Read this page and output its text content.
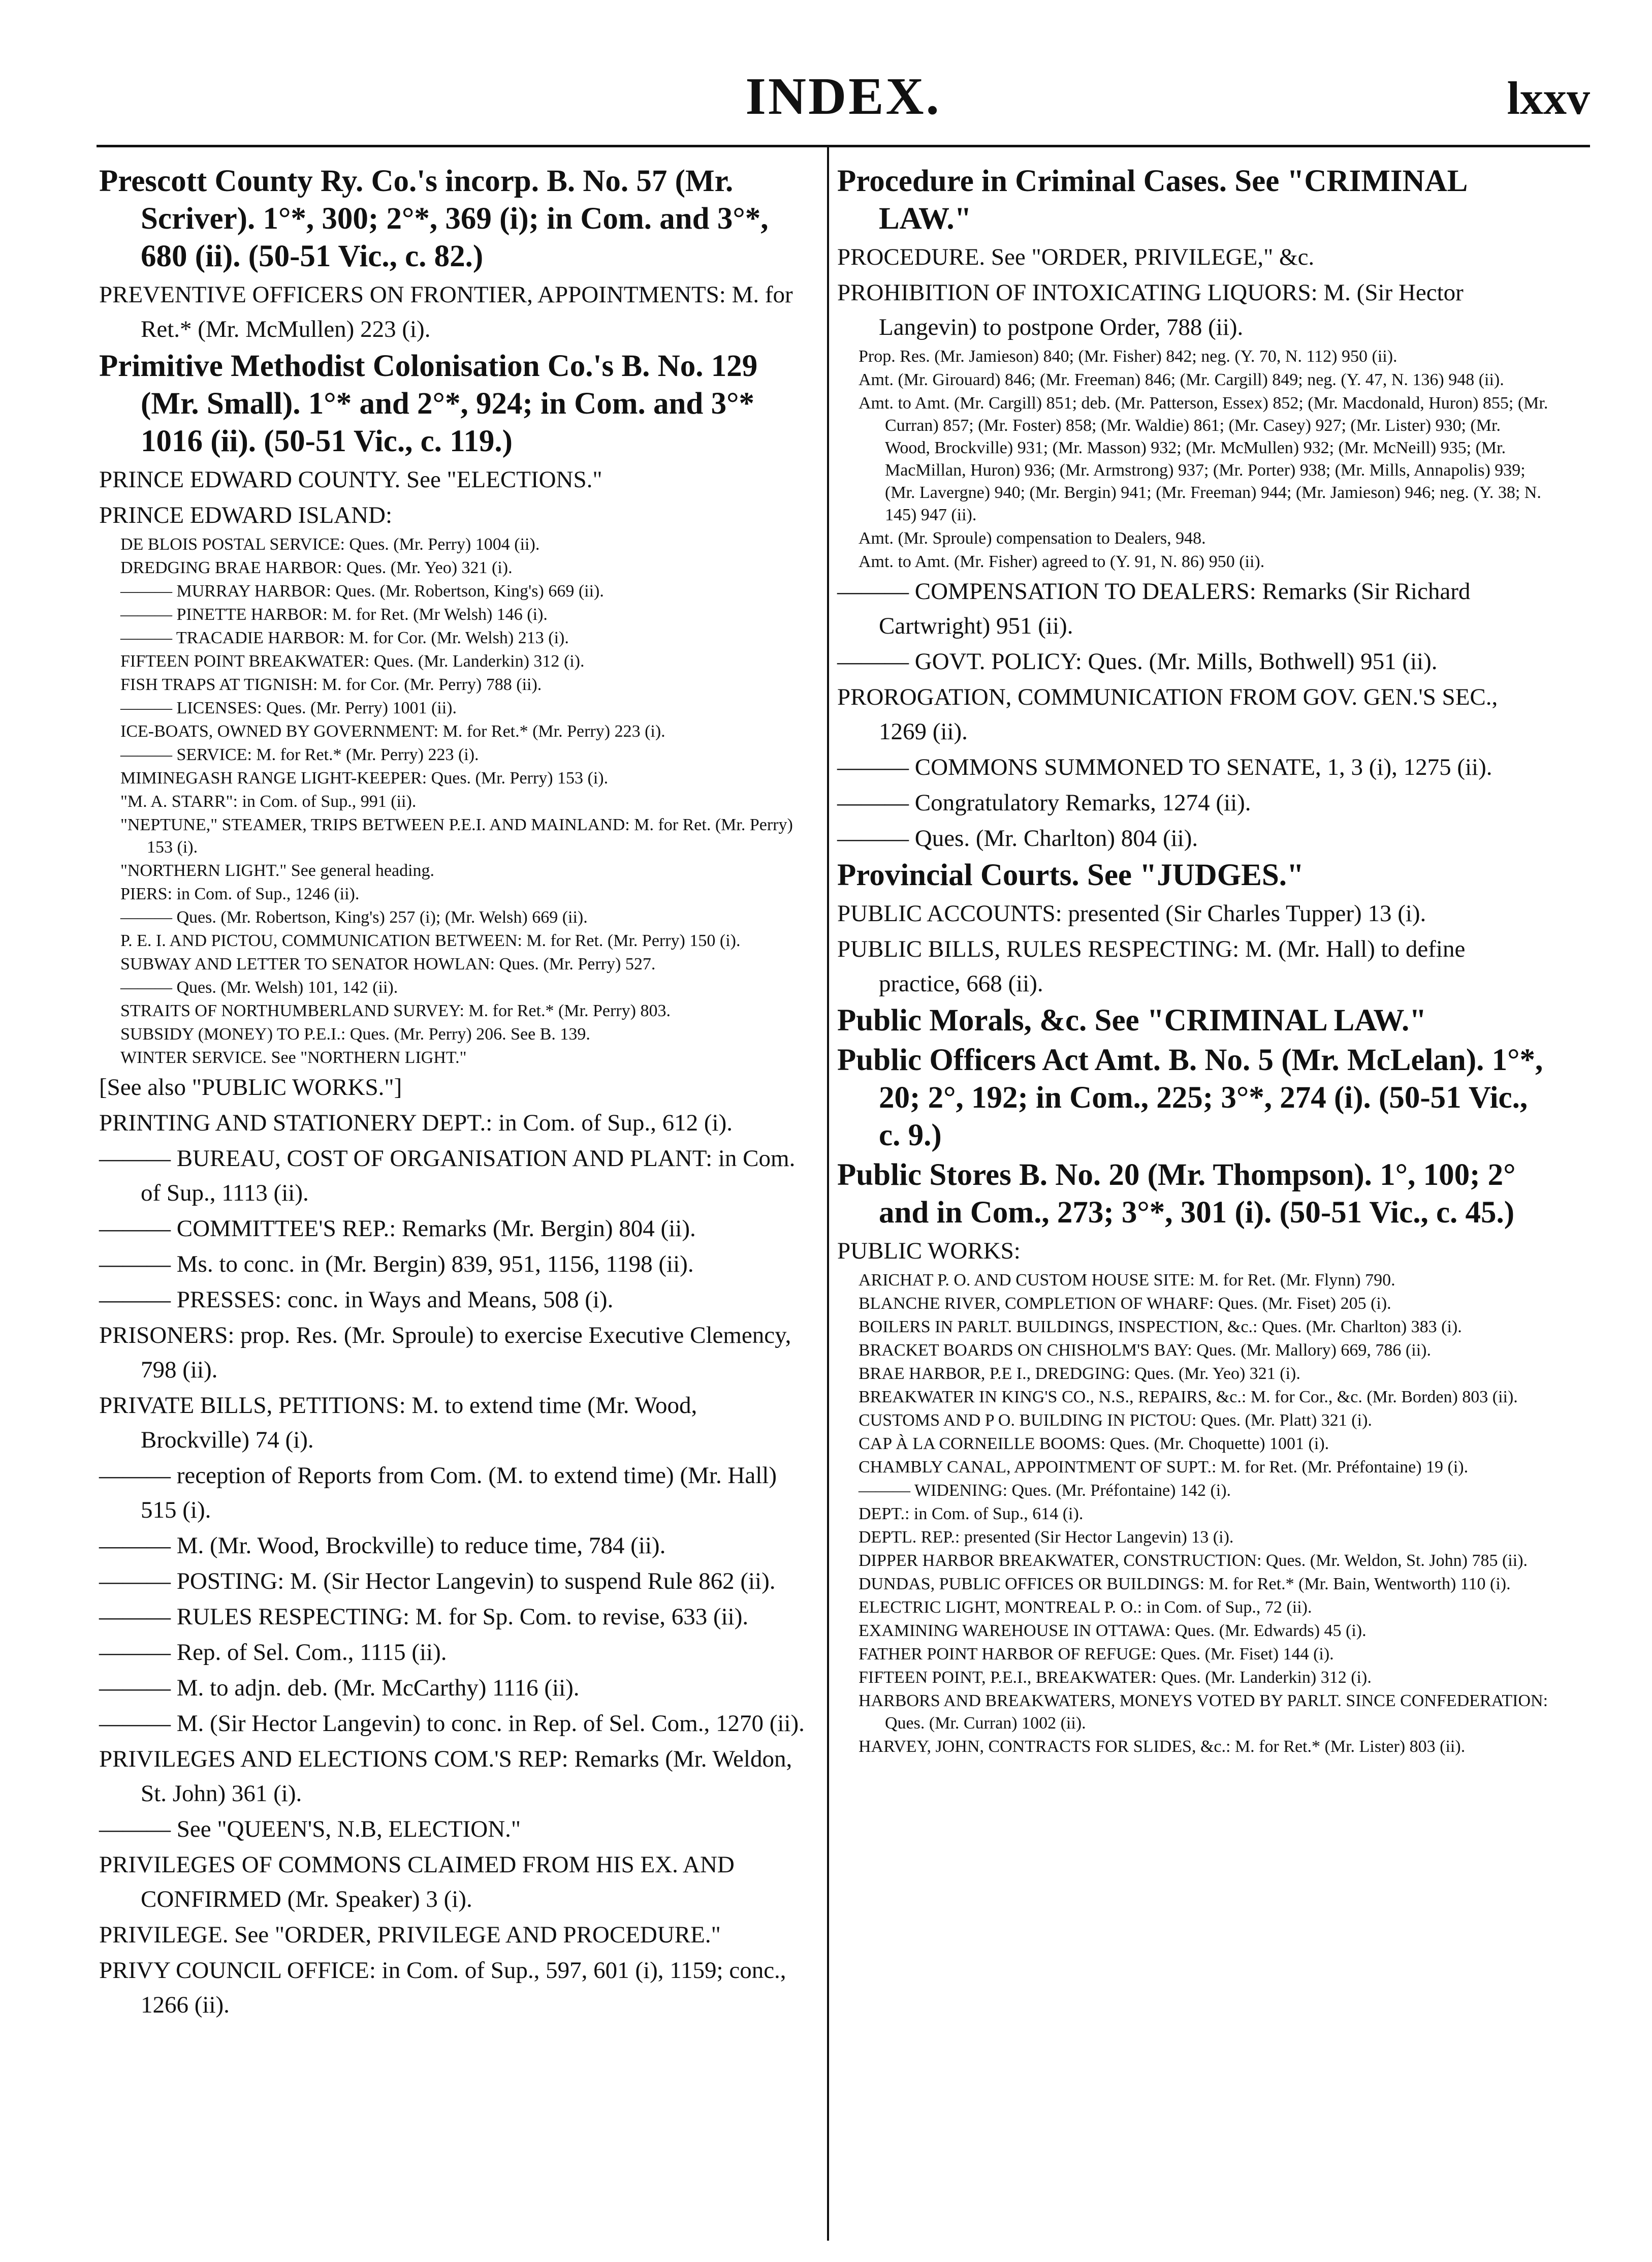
INDEX.	lxxv

Prescott County Ry. Co.'s incorp. B. No. 57 (Mr. Scriver). 1°*, 300; 2°*, 369 (i); in Com. and 3°*, 680 (ii). (50-51 Vic., c. 82.)

PREVENTIVE OFFICERS ON FRONTIER, APPOINTMENTS: M. for Ret.* (Mr. McMullen) 223 (i).

Primitive Methodist Colonisation Co.'s B. No. 129 (Mr. Small). 1°* and 2°*, 924; in Com. and 3°* 1016 (ii). (50-51 Vic., c. 119.)

PRINCE EDWARD COUNTY. See "ELECTIONS."

PRINCE EDWARD ISLAND:

DE BLOIS POSTAL SERVICE: Ques. (Mr. Perry) 1004 (ii).

DREDGING BRAE HARBOR: Ques. (Mr. Yeo) 321 (i).

——— MURRAY HARBOR: Ques. (Mr. Robertson, King's) 669 (ii).

——— PINETTE HARBOR: M. for Ret. (Mr Welsh) 146 (i).

——— TRACADIE HARBOR: M. for Cor. (Mr. Welsh) 213 (i).

FIFTEEN POINT BREAKWATER: Ques. (Mr. Landerkin) 312 (i).

FISH TRAPS AT TIGNISH: M. for Cor. (Mr. Perry) 788 (ii).

——— LICENSES: Ques. (Mr. Perry) 1001 (ii).

ICE-BOATS, OWNED BY GOVERNMENT: M. for Ret.* (Mr. Perry) 223 (i).

——— SERVICE: M. for Ret.* (Mr. Perry) 223 (i).

MIMINEGASH RANGE LIGHT-KEEPER: Ques. (Mr. Perry) 153 (i).

"M. A. STARR": in Com. of Sup., 991 (ii).

"NEPTUNE," STEAMER, TRIPS BETWEEN P.E.I. AND MAINLAND: M. for Ret. (Mr. Perry) 153 (i).

"NORTHERN LIGHT." See general heading.

PIERS: in Com. of Sup., 1246 (ii).

——— Ques. (Mr. Robertson, King's) 257 (i); (Mr. Welsh) 669 (ii).

P. E. I. AND PICTOU, COMMUNICATION BETWEEN: M. for Ret. (Mr. Perry) 150 (i).

SUBWAY AND LETTER TO SENATOR HOWLAN: Ques. (Mr. Perry) 527.

——— Ques. (Mr. Welsh) 101, 142 (ii).

STRAITS OF NORTHUMBERLAND SURVEY: M. for Ret.* (Mr. Perry) 803.

SUBSIDY (MONEY) TO P.E.I.: Ques. (Mr. Perry) 206. See B. 139.

WINTER SERVICE. See "NORTHERN LIGHT."

[See also "PUBLIC WORKS."]

PRINTING AND STATIONERY DEPT.: in Com. of Sup., 612 (i).

——— BUREAU, COST OF ORGANISATION AND PLANT: in Com. of Sup., 1113 (ii).

——— COMMITTEE'S REP.: Remarks (Mr. Bergin) 804 (ii).

——— Ms. to conc. in (Mr. Bergin) 839, 951, 1156, 1198 (ii).

——— PRESSES: conc. in Ways and Means, 508 (i).

PRISONERS: prop. Res. (Mr. Sproule) to exercise Executive Clemency, 798 (ii).

PRIVATE BILLS, PETITIONS: M. to extend time (Mr. Wood, Brockville) 74 (i).

——— reception of Reports from Com. (M. to extend time) (Mr. Hall) 515 (i).

——— M. (Mr. Wood, Brockville) to reduce time, 784 (ii).

——— POSTING: M. (Sir Hector Langevin) to suspend Rule 862 (ii).

——— RULES RESPECTING: M. for Sp. Com. to revise, 633 (ii).

——— Rep. of Sel. Com., 1115 (ii).

——— M. to adjn. deb. (Mr. McCarthy) 1116 (ii).

——— M. (Sir Hector Langevin) to conc. in Rep. of Sel. Com., 1270 (ii).

PRIVILEGES AND ELECTIONS COM.'S REP: Remarks (Mr. Weldon, St. John) 361 (i).

——— See "QUEEN'S, N.B, ELECTION."

PRIVILEGES OF COMMONS CLAIMED FROM HIS EX. AND CONFIRMED (Mr. Speaker) 3 (i).

PRIVILEGE. See "ORDER, PRIVILEGE AND PROCEDURE."

PRIVY COUNCIL OFFICE: in Com. of Sup., 597, 601 (i), 1159; conc., 1266 (ii).

Procedure in Criminal Cases. See "CRIMINAL LAW."

PROCEDURE. See "ORDER, PRIVILEGE," &c.

PROHIBITION OF INTOXICATING LIQUORS: M. (Sir Hector Langevin) to postpone Order, 788 (ii).

Prop. Res. (Mr. Jamieson) 840; (Mr. Fisher) 842; neg. (Y. 70, N. 112) 950 (ii).

Amt. (Mr. Girouard) 846; (Mr. Freeman) 846; (Mr. Cargill) 849; neg. (Y. 47, N. 136) 948 (ii).

Amt. to Amt. (Mr. Cargill) 851; deb. (Mr. Patterson, Essex) 852; (Mr. Macdonald, Huron) 855; (Mr. Curran) 857; (Mr. Foster) 858; (Mr. Waldie) 861; (Mr. Casey) 927; (Mr. Lister) 930; (Mr. Wood, Brockville) 931; (Mr. Masson) 932; (Mr. McMullen) 932; (Mr. McNeill) 935; (Mr. MacMillan, Huron) 936; (Mr. Armstrong) 937; (Mr. Porter) 938; (Mr. Mills, Annapolis) 939; (Mr. Lavergne) 940; (Mr. Bergin) 941; (Mr. Freeman) 944; (Mr. Jamieson) 946; neg. (Y. 38; N. 145) 947 (ii).

Amt. (Mr. Sproule) compensation to Dealers, 948.

Amt. to Amt. (Mr. Fisher) agreed to (Y. 91, N. 86) 950 (ii).

——— COMPENSATION TO DEALERS: Remarks (Sir Richard Cartwright) 951 (ii).

——— GOVT. POLICY: Ques. (Mr. Mills, Bothwell) 951 (ii).

PROROGATION, COMMUNICATION FROM GOV. GEN.'S SEC., 1269 (ii).

——— COMMONS SUMMONED TO SENATE, 1, 3 (i), 1275 (ii).

——— Congratulatory Remarks, 1274 (ii).

——— Ques. (Mr. Charlton) 804 (ii).

Provincial Courts. See "JUDGES."

PUBLIC ACCOUNTS: presented (Sir Charles Tupper) 13 (i).

PUBLIC BILLS, RULES RESPECTING: M. (Mr. Hall) to define practice, 668 (ii).

Public Morals, &c. See "CRIMINAL LAW."

Public Officers Act Amt. B. No. 5 (Mr. McLelan). 1°*, 20; 2°, 192; in Com., 225; 3°*, 274 (i). (50-51 Vic., c. 9.)

Public Stores B. No. 20 (Mr. Thompson). 1°, 100; 2° and in Com., 273; 3°*, 301 (i). (50-51 Vic., c. 45.)

PUBLIC WORKS:

ARICHAT P. O. AND CUSTOM HOUSE SITE: M. for Ret. (Mr. Flynn) 790.

BLANCHE RIVER, COMPLETION OF WHARF: Ques. (Mr. Fiset) 205 (i).

BOILERS IN PARLT. BUILDINGS, INSPECTION, &c.: Ques. (Mr. Charlton) 383 (i).

BRACKET BOARDS ON CHISHOLM'S BAY: Ques. (Mr. Mallory) 669, 786 (ii).

BRAE HARBOR, P.E I., DREDGING: Ques. (Mr. Yeo) 321 (i).

BREAKWATER IN KING'S CO., N.S., REPAIRS, &c.: M. for Cor., &c. (Mr. Borden) 803 (ii).

CUSTOMS AND P O. BUILDING IN PICTOU: Ques. (Mr. Platt) 321 (i).

CAP À LA CORNEILLE BOOMS: Ques. (Mr. Choquette) 1001 (i).

CHAMBLY CANAL, APPOINTMENT OF SUPT.: M. for Ret. (Mr. Préfontaine) 19 (i).

——— WIDENING: Ques. (Mr. Préfontaine) 142 (i).

DEPT.: in Com. of Sup., 614 (i).

DEPTL. REP.: presented (Sir Hector Langevin) 13 (i).

DIPPER HARBOR BREAKWATER, CONSTRUCTION: Ques. (Mr. Weldon, St. John) 785 (ii).

DUNDAS, PUBLIC OFFICES OR BUILDINGS: M. for Ret.* (Mr. Bain, Wentworth) 110 (i).

ELECTRIC LIGHT, MONTREAL P. O.: in Com. of Sup., 72 (ii).

EXAMINING WAREHOUSE IN OTTAWA: Ques. (Mr. Edwards) 45 (i).

FATHER POINT HARBOR OF REFUGE: Ques. (Mr. Fiset) 144 (i).

FIFTEEN POINT, P.E.I., BREAKWATER: Ques. (Mr. Landerkin) 312 (i).

HARBORS AND BREAKWATERS, MONEYS VOTED BY PARLT. SINCE CONFEDERATION: Ques. (Mr. Curran) 1002 (ii).

HARVEY, JOHN, CONTRACTS FOR SLIDES, &c.: M. for Ret.* (Mr. Lister) 803 (ii).
